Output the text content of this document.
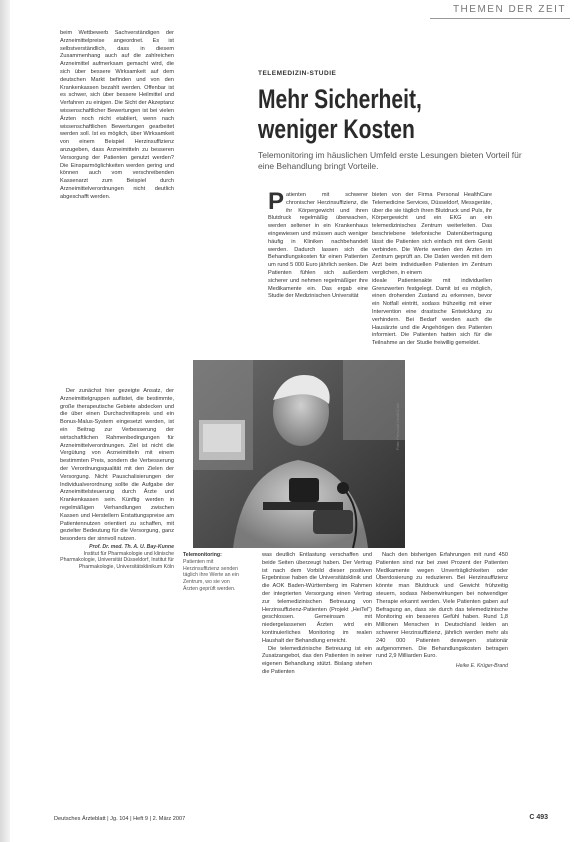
THEMEN DER ZEIT

beim Wettbewerb Sachverständigen der Arzneimittelpreise angeordnet. Es ist selbstverständlich, dass in diesem Zusammenhang auch auf die zahlreichen Arzneimittel aufmerksam gemacht wird, die sich über bessere Wirksamkeit auf dem deutschen Markt befinden und von den Krankenkassen bezahlt werden. Offenbar ist es schwer, sich über bessere Heilmittel und Verfahren zu einigen. Die Sicht der Akzeptanz wissenschaftlicher Bewertungen ist bei vielen Ärzten noch nicht etabliert, wenn nach wissenschaftlichen Bewertungen gearbeitet werden soll. Ist es möglich, über Wirksamkeit von einem Beispiel Herzinsuffizienz anzugeben, dass Arzneimitteln zu besseren Versorgung der Patienten genutzt werden? Die Einsparmöglichkeiten werden gering und können auch vom verschreibenden Kassenarzt zum Beispiel durch Arzneimittelverordnungen nicht deutlich abgeschafft werden.

Der zunächst hier gezeigte Ansatz, der Arzneimittelgruppen auflistet, die bestimmte, große therapeutische Gebiete abdecken und die über einen Durchschnittspreis und ein Bonus-Malus-System eingesetzt werden, ist ein Beitrag zur Verbesserung der wirtschaftlichen Rahmenbedingungen für Arzneimittelverordnungen. Ziel ist nicht die Vergütung von Arzneimitteln mit einem bestimmten Preis, sondern die Verbesserung der Verordnungsqualität mit den Zielen der Versorgung. Nicht Pauschalisierungen der Individualverordnung sollte die Aufgabe der Arzneimittelsteuerung durch Ärzte und Krankenkassen sein. Künftig werden in regelmäßigen Verhandlungen zwischen Kassen und Herstellern Erstattungspreise am Patientennutzen orientiert zu schaffen, mit gezielter Bedeutung für die Versorgung, ganz besonders der sinnvoll nutzen.

Prof. Dr. med. Th. A. U. Bay-Kunne
Institut für Pharmakologie und klinische Pharmakologie, Universität Düsseldorf, Institut für Pharmakologie, Universitätsklinikum Köln
TELEMEDIZIN-STUDIE
Mehr Sicherheit,
weniger Kosten
Telemonitoring im häuslichen Umfeld erste Lesungen bieten Vorteil für eine Behandlung bringt Vorteile.
P atienten mit schwerer chronischer Herzinsuffizienz, die ihr Körpergewicht und ihren Blutdruck regelmäßig überwachen, werden seltener in ein Krankenhaus eingewiesen und müssen auch weniger häufig in Kliniken nachbehandelt werden. Dadurch lassen sich die Behandlungskosten für einen Patienten um rund 5 000 Euro jährlich senken. Die Patienten fühlen sich außerdem sicherer und nehmen regelmäßiger ihre Medikamente ein. Das ergab eine Studie der Medizinischen Universität

bieten von der Firma Personal HealthCare Telemedicine Services, Düsseldorf, Messgeräte, über die sie täglich ihren Blutdruck und Puls, ihr Körpergewicht und ein EKG an ein telemedizinisches Zentrum weiterleiten. Das beschriebene telefonische Datenübertragung lässt die Patienten sich einfach mit dem Gerät verbinden. Die Werte werden den Ärzten im Zentrum geprüft an. Die Daten werden mit dem Arzt beim individuellen Patienten im Zentrum verglichen, in einem

ideale Patientenakte mit individuellen Grenzwerten festgelegt. Damit ist es möglich, einen drohenden Zustand zu erkennen, bevor ein Notfall eintritt, sodass frühzeitig mit einer Intervention eine drastische Entwicklung zu verhindern. Bei Bedarf werden auch die Hausärzte und die Angehörigen des Patienten informiert. Die Patienten hatten sich für die Teilnahme an der Studie freiwillig gemeldet.

Foto: Personal HealthCare
Telemonitoring: Patienten mit Herzinsuffizienz senden täglich ihre Werte an ein Zentrum, wo sie von Ärzten geprüft werden.

was deutlich Entlastung verschaffen und beide Seiten überzeugt haben. Der Vertrag ist nach dem Vorbild dieser positiven Ergebnisse haben die Universitätsklinik und die AOK Baden-Württemberg im Rahmen der integrierten Versorgung einen Vertrag zur telemedizinischen Betreuung von Herzinsuffizienz-Patienten (Projekt „HeiTel“) geschlossen. Gemeinsam mit niedergelassenen Ärzten wird ein kontinuierliches Monitoring im realen Haushalt der Behandlung erreicht.

Die telemedizinische Betreuung ist ein Zusatzangebot, das den Patienten in seiner eigenen Behandlung stützt. Bislang stehen die Patienten

Nach den bisherigen Erfahrungen mit rund 450 Patienten sind nur bei zwei Prozent der Patienten Medikamente wegen Unverträglichkeiten oder Überdosierung zu reduzieren. Bei Herzinsuffizienz könnte man Blutdruck und Gewicht frühzeitig steuern, sodass Nebenwirkungen bei notwendiger Therapie erkannt werden. Viele Patienten gaben auf Befragung an, dass sie durch das telemedizinische Monitoring ein besseres Gefühl haben. Rund 1,8 Millionen Menschen in Deutschland leiden an schwerer Herzinsuffizienz, jährlich werden mehr als 240 000 Patienten deswegen stationär aufgenommen. Die Behandlungskosten betragen rund 2,9 Milliarden Euro.

Heike E. Krüger-Brand
Deutsches Ärzteblatt | Jg. 104 | Heft 9 | 2. März 2007	C 493
